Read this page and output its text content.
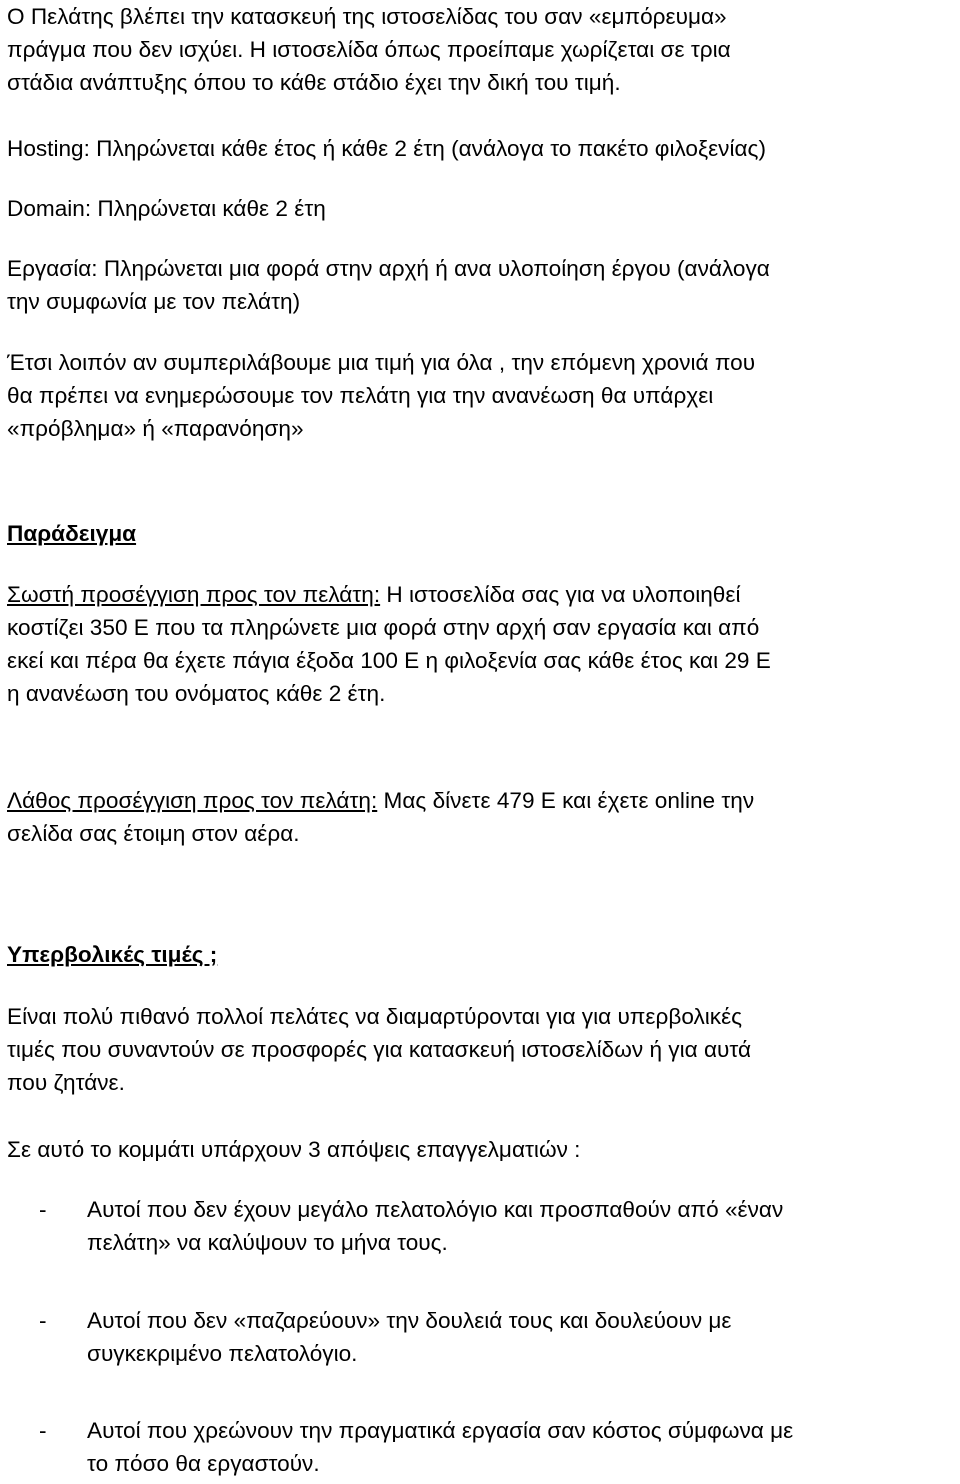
Ο Πελάτης βλέπει την κατασκευή της ιστοσελίδας του σαν «εμπόρευμα»
πράγμα που δεν ισχύει. Η ιστοσελίδα όπως προείπαμε χωρίζεται σε τρια
στάδια ανάπτυξης όπου το κάθε στάδιο έχει την δική του τιμή.

Hosting: Πληρώνεται κάθε έτος ή κάθε 2 έτη (ανάλογα το πακέτο φιλοξενίας)

Domain: Πληρώνεται κάθε 2 έτη

Εργασία: Πληρώνεται μια φορά στην αρχή ή ανα υλοποίηση έργου (ανάλογα
την συμφωνία με τον πελάτη)

Έτσι λοιπόν αν συμπεριλάβουμε μια τιμή για όλα , την επόμενη χρονιά που
θα πρέπει να ενημερώσουμε τον πελάτη για την ανανέωση θα υπάρχει
«πρόβλημα» ή «παρανόηση»

Παράδειγμα

Σωστή προσέγγιση προς τον πελάτη: Η ιστοσελίδα σας για να υλοποιηθεί
κοστίζει 350 Ε που τα πληρώνετε μια φορά στην αρχή σαν εργασία και από
εκεί και πέρα θα έχετε πάγια έξοδα 100 Ε η φιλοξενία σας κάθε έτος και 29 Ε
η ανανέωση του ονόματος κάθε 2 έτη.

Λάθος προσέγγιση προς τον πελάτη: Μας δίνετε 479 Ε και έχετε online την
σελίδα σας έτοιμη στον αέρα.

Υπερβολικές τιμές ;

Είναι πολύ πιθανό πολλοί πελάτες να διαμαρτύρονται για για υπερβολικές
τιμές που συναντούν σε προσφορές για κατασκευή ιστοσελίδων ή για αυτά
που ζητάνε.

Σε αυτό το κομμάτι υπάρχουν 3 απόψεις επαγγελματιών :

- Αυτοί που δεν έχουν μεγάλο πελατολόγιο και προσπαθούν από «έναν
πελάτη» να καλύψουν το μήνα τους.

- Αυτοί που δεν «παζαρεύουν» την δουλειά τους και δουλεύουν με
συγκεκριμένο πελατολόγιο.

- Αυτοί που χρεώνουν την πραγματικά εργασία σαν κόστος σύμφωνα με
το πόσο θα εργαστούν.
